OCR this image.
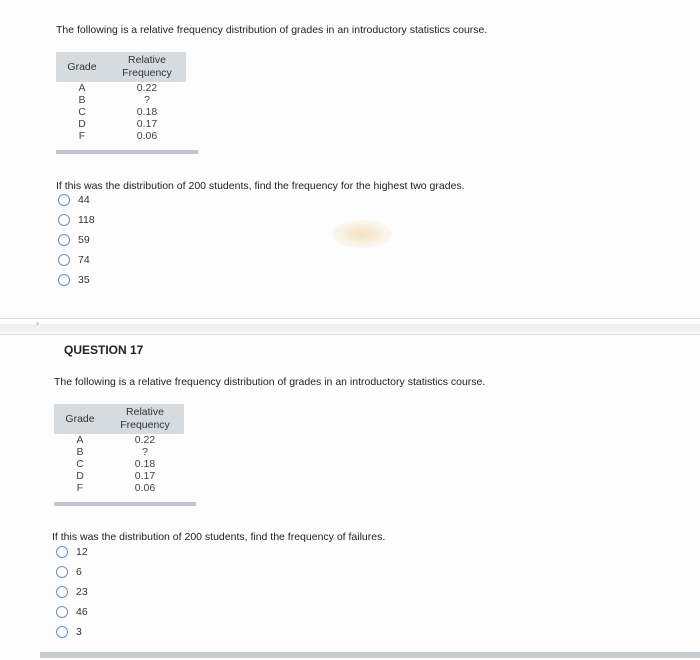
The following is a relative frequency distribution of grades in an introductory statistics course.
Grade	Relative
Frequency
A	0.22
B	?
C	0.18
D	0.17
F	0.06
If this was the distribution of 200 students, find the frequency for the highest two grades.
44
118
59
74
35
›
QUESTION 17
The following is a relative frequency distribution of grades in an introductory statistics course.
Grade	Relative
Frequency
A	0.22
B	?
C	0.18
D	0.17
F	0.06
If this was the distribution of 200 students, find the frequency of failures.
12
6
23
46
3
